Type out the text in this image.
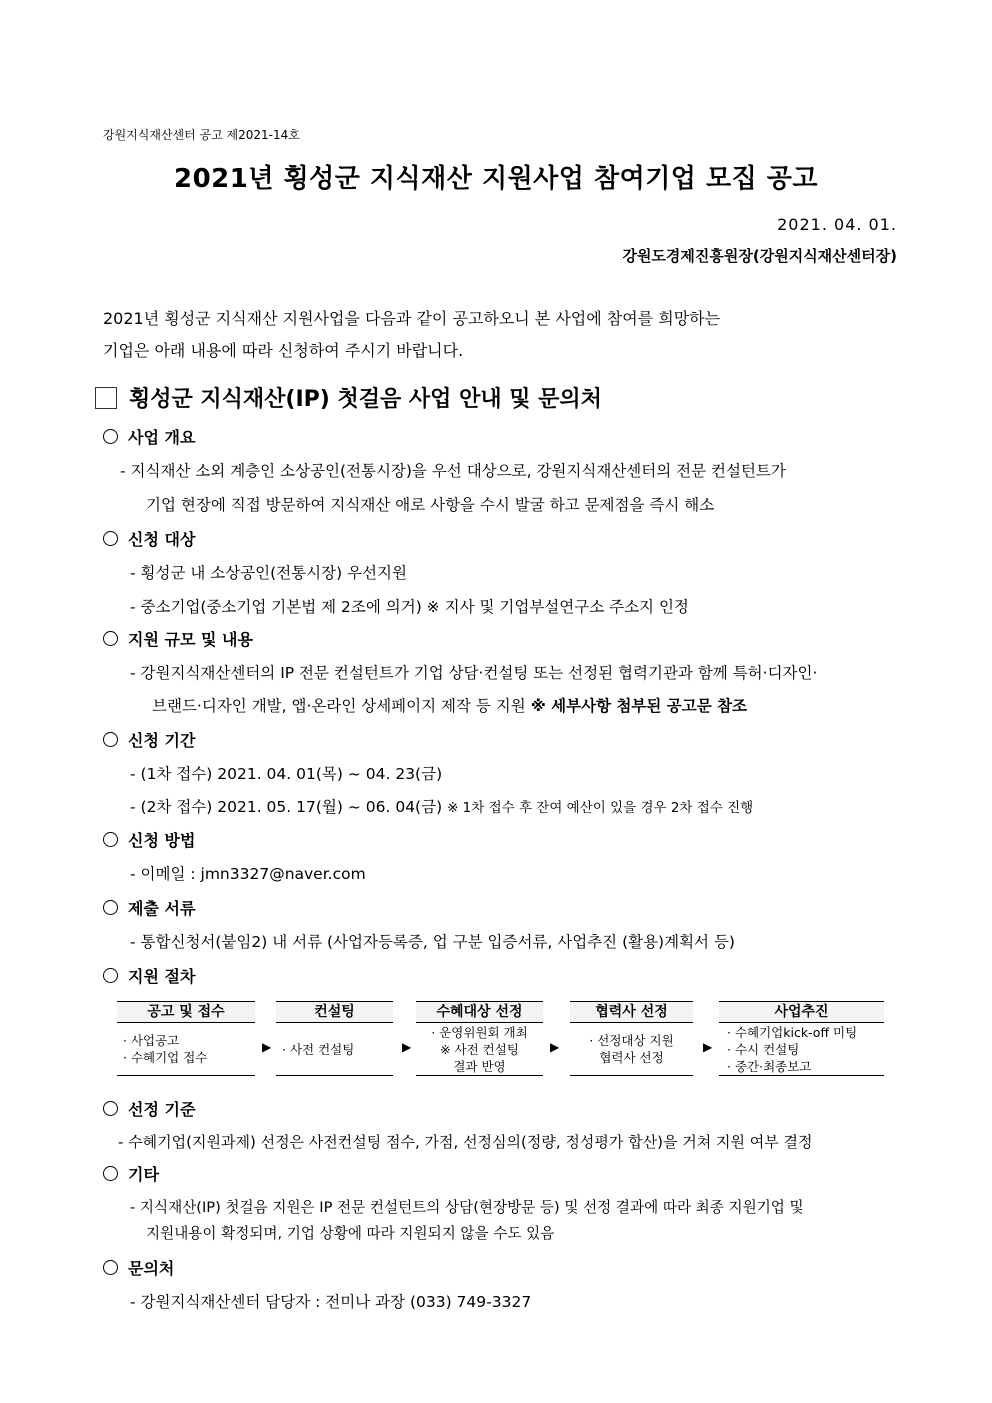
강원지식재산센터 공고 제2021-14호
2021년 횡성군 지식재산 지원사업 참여기업 모집 공고
2021. 04. 01.
강원도경제진흥원장(강원지식재산센터장)
2021년 횡성군 지식재산 지원사업을 다음과 같이 공고하오니 본 사업에 참여를 희망하는
기업은 아래 내용에 따라 신청하여 주시기 바랍니다.
횡성군 지식재산(IP) 첫걸음 사업 안내 및 문의처
사업 개요
- 지식재산 소외 계층인 소상공인(전통시장)을 우선 대상으로, 강원지식재산센터의 전문 컨설턴트가
기업 현장에 직접 방문하여 지식재산 애로 사항을 수시 발굴 하고 문제점을 즉시 해소
신청 대상
- 횡성군 내 소상공인(전통시장) 우선지원
- 중소기업(중소기업 기본법 제 2조에 의거) ※ 지사 및 기업부설연구소 주소지 인정
지원 규모 및 내용
- 강원지식재산센터의 IP 전문 컨설턴트가 기업 상담·컨설팅 또는 선정된 협력기관과 함께 특허·디자인·
브랜드·디자인 개발, 앱·온라인 상세페이지 제작 등 지원 ※ 세부사항 첨부된 공고문 참조
신청 기간
- (1차 접수) 2021. 04. 01(목) ~ 04. 23(금)
- (2차 접수) 2021. 05. 17(월) ~ 06. 04(금) ※ 1차 접수 후 잔여 예산이 있을 경우 2차 접수 진행
신청 방법
- 이메일 : jmn3327@naver.com
제출 서류
- 통합신청서(붙임2) 내 서류 (사업자등록증, 업 구분 입증서류, 사업추진 (활용)계획서 등)
지원 절차
공고 및 접수
· 사업공고
· 수혜기업 접수
▶
컨설팅
· 사전 컨설팅	▶
수혜대상 선정
· 운영위원회 개최
※ 사전 컨설팅
결과 반영
▶
협력사 선정
· 선정대상 지원
협력사 선정
▶
사업추진
· 수혜기업kick-off 미팅
· 수시 컨설팅
· 중간·최종보고
선정 기준
- 수혜기업(지원과제) 선정은 사전컨설팅 점수, 가점, 선정심의(정량, 정성평가 합산)을 거쳐 지원 여부 결정
기타
- 지식재산(IP) 첫걸음 지원은 IP 전문 컨설턴트의 상담(현장방문 등) 및 선정 결과에 따라 최종 지원기업 및
지원내용이 확정되며, 기업 상황에 따라 지원되지 않을 수도 있음
문의처
- 강원지식재산센터 담당자 : 전미나 과장 (033) 749-3327
